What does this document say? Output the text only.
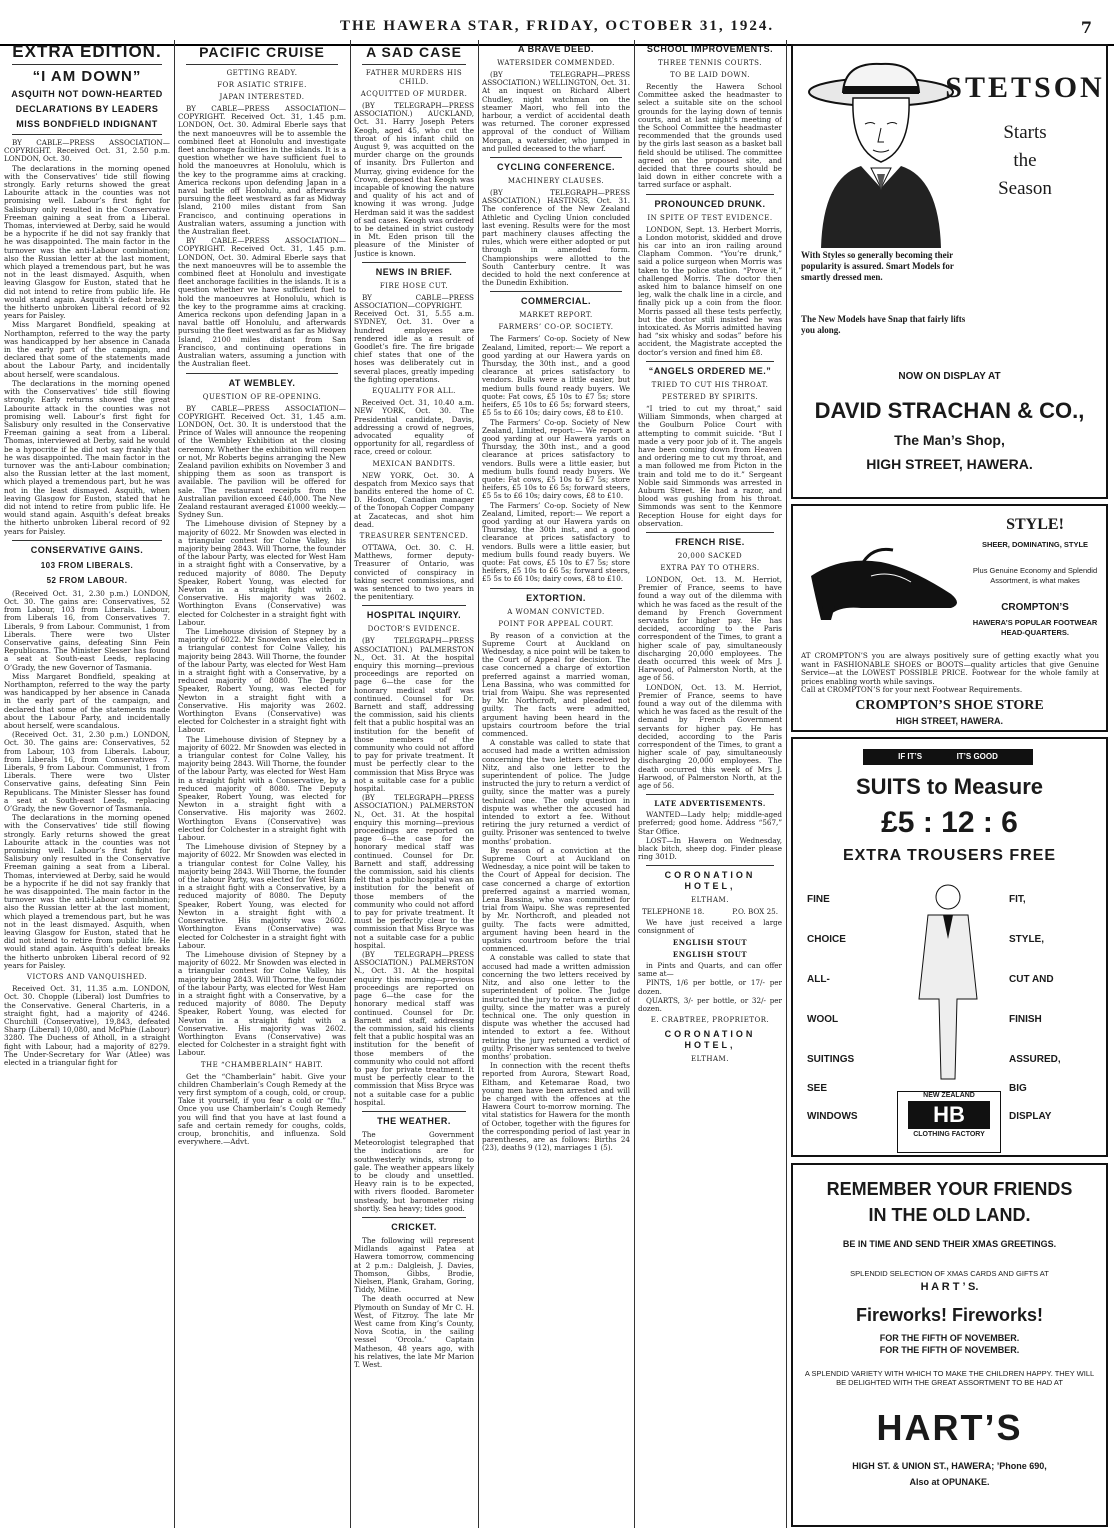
THE HAWERA STAR, FRIDAY, OCTOBER 31, 1924.	7
EXTRA EDITION.
“I AM DOWN”
ASQUITH NOT DOWN-HEARTED
DECLARATIONS BY LEADERS
MISS BONDFIELD INDIGNANT

BY CABLE—PRESS ASSOCIATION—COPYRIGHT. Received Oct. 31, 2.50 p.m. LONDON, Oct. 30.

The declarations in the morning opened with the Conservatives’ tide still flowing strongly. Early returns showed the great Labourite attack in the counties was not promising well. Labour’s first fight for Salisbury only resulted in the Conservative Freeman gaining a seat from a Liberal. Thomas, interviewed at Derby, said he would be a hypocrite if he did not say frankly that he was disappointed. The main factor in the turnover was the anti-Labour combination; also the Russian letter at the last moment, which played a tremendous part, but he was not in the least dismayed. Asquith, when leaving Glasgow for Euston, stated that he did not intend to retire from public life. He would stand again. Asquith’s defeat breaks the hitherto unbroken Liberal record of 92 years for Paisley.

Miss Margaret Bondfield, speaking at Northampton, referred to the way the party was handicapped by her absence in Canada in the early part of the campaign, and declared that some of the statements made about the Labour Party, and incidentally about herself, were scandalous.

The declarations in the morning opened with the Conservatives’ tide still flowing strongly. Early returns showed the great Labourite attack in the counties was not promising well. Labour’s first fight for Salisbury only resulted in the Conservative Freeman gaining a seat from a Liberal. Thomas, interviewed at Derby, said he would be a hypocrite if he did not say frankly that he was disappointed. The main factor in the turnover was the anti-Labour combination; also the Russian letter at the last moment, which played a tremendous part, but he was not in the least dismayed. Asquith, when leaving Glasgow for Euston, stated that he did not intend to retire from public life. He would stand again. Asquith’s defeat breaks the hitherto unbroken Liberal record of 92 years for Paisley.

CONSERVATIVE GAINS.
103 FROM LIBERALS.
52 FROM LABOUR.

(Received Oct. 31, 2.30 p.m.) LONDON, Oct. 30. The gains are: Conservatives, 52 from Labour, 103 from Liberals. Labour, from Liberals 16, from Conservatives 7. Liberals, 9 from Labour. Communist, 1 from Liberals. There were two Ulster Conservative gains, defeating Sinn Fein Republicans. The Minister Slesser has found a seat at South-east Leeds, replacing O’Grady, the new Governor of Tasmania.

Miss Margaret Bondfield, speaking at Northampton, referred to the way the party was handicapped by her absence in Canada in the early part of the campaign, and declared that some of the statements made about the Labour Party, and incidentally about herself, were scandalous.

(Received Oct. 31, 2.30 p.m.) LONDON, Oct. 30. The gains are: Conservatives, 52 from Labour, 103 from Liberals. Labour, from Liberals 16, from Conservatives 7. Liberals, 9 from Labour. Communist, 1 from Liberals. There were two Ulster Conservative gains, defeating Sinn Fein Republicans. The Minister Slesser has found a seat at South-east Leeds, replacing O’Grady, the new Governor of Tasmania.

The declarations in the morning opened with the Conservatives’ tide still flowing strongly. Early returns showed the great Labourite attack in the counties was not promising well. Labour’s first fight for Salisbury only resulted in the Conservative Freeman gaining a seat from a Liberal. Thomas, interviewed at Derby, said he would be a hypocrite if he did not say frankly that he was disappointed. The main factor in the turnover was the anti-Labour combination; also the Russian letter at the last moment, which played a tremendous part, but he was not in the least dismayed. Asquith, when leaving Glasgow for Euston, stated that he did not intend to retire from public life. He would stand again. Asquith’s defeat breaks the hitherto unbroken Liberal record of 92 years for Paisley.

VICTORS AND VANQUISHED.

Received Oct. 31, 11.35 a.m. LONDON, Oct. 30. Chopple (Liberal) lost Dumfries to the Conservative. General Charteris, in a straight fight, had a majority of 4246. Churchill (Conservative), 19,843, defeated Sharp (Liberal) 10,080, and McPhie (Labour) 3280. The Duchess of Atholl, in a straight fight with Labour, had a majority of 8279. The Under-Secretary for War (Atlee) was elected in a triangular fight for

PACIFIC CRUISE
GETTING READY.
FOR ASIATIC STRIFE.
JAPAN INTERESTED.

BY CABLE—PRESS ASSOCIATION—COPYRIGHT. Received Oct. 31, 1.45 p.m. LONDON, Oct. 30. Admiral Eberle says that the next manoeuvres will be to assemble the combined fleet at Honolulu and investigate fleet anchorage facilities in the islands. It is a question whether we have sufficient fuel to hold the manoeuvres at Honolulu, which is the key to the programme aims at cracking. America reckons upon defending Japan in a naval battle off Honolulu, and afterwards pursuing the fleet westward as far as Midway Island, 2100 miles distant from San Francisco, and continuing operations in Australian waters, assuming a junction with the Australian fleet.

BY CABLE—PRESS ASSOCIATION—COPYRIGHT. Received Oct. 31, 1.45 p.m. LONDON, Oct. 30. Admiral Eberle says that the next manoeuvres will be to assemble the combined fleet at Honolulu and investigate fleet anchorage facilities in the islands. It is a question whether we have sufficient fuel to hold the manoeuvres at Honolulu, which is the key to the programme aims at cracking. America reckons upon defending Japan in a naval battle off Honolulu, and afterwards pursuing the fleet westward as far as Midway Island, 2100 miles distant from San Francisco, and continuing operations in Australian waters, assuming a junction with the Australian fleet.

AT WEMBLEY.
QUESTION OF RE-OPENING.

BY CABLE—PRESS ASSOCIATION—COPYRIGHT. Received Oct. 31, 1.45 a.m. LONDON, Oct. 30. It is understood that the Prince of Wales will announce the reopening of the Wembley Exhibition at the closing ceremony. Whether the exhibition will reopen or not, Mr Roberts begins arranging the New Zealand pavilion exhibits on November 3 and shipping them as soon as transport is available. The pavilion will be offered for sale. The restaurant receipts from the Australian pavilion exceed £40,000. The New Zealand restaurant averaged £1000 weekly.—Sydney Sun.

The Limehouse division of Stepney by a majority of 6022. Mr Snowden was elected in a triangular contest for Colne Valley, his majority being 2843. Will Thorne, the founder of the labour Party, was elected for West Ham in a straight fight with a Conservative, by a reduced majority of 8080. The Deputy Speaker, Robert Young, was elected for Newton in a straight fight with a Conservative. His majority was 2602. Worthington Evans (Conservative) was elected for Colchester in a straight fight with Labour.

The Limehouse division of Stepney by a majority of 6022. Mr Snowden was elected in a triangular contest for Colne Valley, his majority being 2843. Will Thorne, the founder of the labour Party, was elected for West Ham in a straight fight with a Conservative, by a reduced majority of 8080. The Deputy Speaker, Robert Young, was elected for Newton in a straight fight with a Conservative. His majority was 2602. Worthington Evans (Conservative) was elected for Colchester in a straight fight with Labour.

The Limehouse division of Stepney by a majority of 6022. Mr Snowden was elected in a triangular contest for Colne Valley, his majority being 2843. Will Thorne, the founder of the labour Party, was elected for West Ham in a straight fight with a Conservative, by a reduced majority of 8080. The Deputy Speaker, Robert Young, was elected for Newton in a straight fight with a Conservative. His majority was 2602. Worthington Evans (Conservative) was elected for Colchester in a straight fight with Labour.

The Limehouse division of Stepney by a majority of 6022. Mr Snowden was elected in a triangular contest for Colne Valley, his majority being 2843. Will Thorne, the founder of the labour Party, was elected for West Ham in a straight fight with a Conservative, by a reduced majority of 8080. The Deputy Speaker, Robert Young, was elected for Newton in a straight fight with a Conservative. His majority was 2602. Worthington Evans (Conservative) was elected for Colchester in a straight fight with Labour.

The Limehouse division of Stepney by a majority of 6022. Mr Snowden was elected in a triangular contest for Colne Valley, his majority being 2843. Will Thorne, the founder of the labour Party, was elected for West Ham in a straight fight with a Conservative, by a reduced majority of 8080. The Deputy Speaker, Robert Young, was elected for Newton in a straight fight with a Conservative. His majority was 2602. Worthington Evans (Conservative) was elected for Colchester in a straight fight with Labour.

THE “CHAMBERLAIN” HABIT.

Get the “Chamberlain” habit. Give your children Chamberlain’s Cough Remedy at the very first symptom of a cough, cold, or croup. Take it yourself, if you fear a cold or “flu.” Once you use Chamberlain’s Cough Remedy you will find that you have at last found a safe and certain remedy for coughs, colds, croup, bronchitis, and influenza. Sold everywhere.—Advt.

A SAD CASE
FATHER MURDERS HIS CHILD.
ACQUITTED OF MURDER.

(BY TELEGRAPH—PRESS ASSOCIATION.) AUCKLAND, Oct. 31. Harry Joseph Peters Keogh, aged 45, who cut the throat of his infant child on August 9, was acquitted on the murder charge on the grounds of insanity. Drs Fullerton and Murray, giving evidence for the Crown, deposed that Keogh was incapable of knowing the nature and quality of his act and of knowing it was wrong. Judge Herdman said it was the saddest of sad cases. Keogh was ordered to be detained in strict custody in Mt. Eden prison till the pleasure of the Minister of Justice is known.

NEWS IN BRIEF.
FIRE HOSE CUT.

BY CABLE—PRESS ASSOCIATION—COPYRIGHT. Received Oct. 31, 5.55 a.m. SYDNEY, Oct. 31. Over a hundred employees are rendered idle as a result of Goodlet’s fire. The fire brigade chief states that one of the hoses was deliberately cut in several places, greatly impeding the fighting operations.

EQUALITY FOR ALL.

Received Oct. 31, 10.40 a.m. NEW YORK, Oct. 30. The Presidential candidate, Davis, addressing a crowd of negroes, advocated equality of opportunity for all, regardless of race, creed or colour.

MEXICAN BANDITS.

NEW YORK, Oct. 30. A despatch from Mexico says that bandits entered the home of C. D. Hodson, Canadian manager of the Tonopah Copper Company at Zacatecas, and shot him dead.

TREASURER SENTENCED.

OTTAWA, Oct. 30. C. H. Matthews, former deputy-Treasurer of Ontario, was convicted of conspiracy in taking secret commissions, and was sentenced to two years in the penitentiary.

HOSPITAL INQUIRY.
DOCTOR’S EVIDENCE.

(BY TELEGRAPH—PRESS ASSOCIATION.) PALMERSTON N., Oct. 31. At the hospital enquiry this morning—previous proceedings are reported on page 6—the case for the honorary medical staff was continued. Counsel for Dr. Barnett and staff, addressing the commission, said his clients felt that a public hospital was an institution for the benefit of those members of the community who could not afford to pay for private treatment. It must be perfectly clear to the commission that Miss Bryce was not a suitable case for a public hospital.

(BY TELEGRAPH—PRESS ASSOCIATION.) PALMERSTON N., Oct. 31. At the hospital enquiry this morning—previous proceedings are reported on page 6—the case for the honorary medical staff was continued. Counsel for Dr. Barnett and staff, addressing the commission, said his clients felt that a public hospital was an institution for the benefit of those members of the community who could not afford to pay for private treatment. It must be perfectly clear to the commission that Miss Bryce was not a suitable case for a public hospital.

(BY TELEGRAPH—PRESS ASSOCIATION.) PALMERSTON N., Oct. 31. At the hospital enquiry this morning—previous proceedings are reported on page 6—the case for the honorary medical staff was continued. Counsel for Dr. Barnett and staff, addressing the commission, said his clients felt that a public hospital was an institution for the benefit of those members of the community who could not afford to pay for private treatment. It must be perfectly clear to the commission that Miss Bryce was not a suitable case for a public hospital.

THE WEATHER.

The Government Meteorologist telegraphed that the indications are for southwesterly winds, strong to gale. The weather appears likely to be cloudy and unsettled. Heavy rain is to be expected, with rivers flooded. Barometer unsteady, but barometer rising shortly. Sea heavy; tides good.

CRICKET.

The following will represent Midlands against Patea at Hawera tomorrow, commencing at 2 p.m.: Dalgleish, J. Davies, Thomson, Gibbs, Brodie, Nielsen, Plank, Graham, Goring, Tiddy, Milne.

The death occurred at New Plymouth on Sunday of Mr C. H. West, of Fitzroy. The late Mr West came from King’s County, Nova Scotia, in the sailing vessel ‘Orcola.’ Captain Matheson, 48 years ago, with his relatives, the late Mr Marion T. West.

A BRAVE DEED.
WATERSIDER COMMENDED.

(BY TELEGRAPH—PRESS ASSOCIATION.) WELLINGTON, Oct. 31. At an inquest on Richard Albert Chudley, night watchman on the steamer Maori, who fell into the harbour, a verdict of accidental death was returned. The coroner expressed approval of the conduct of William Morgan, a watersider, who jumped in and pulled deceased to the wharf.

CYCLING CONFERENCE.
MACHINERY CLAUSES.

(BY TELEGRAPH—PRESS ASSOCIATION.) HASTINGS, Oct. 31. The conference of the New Zealand Athletic and Cycling Union concluded last evening. Results were for the most part machinery clauses affecting the rules, which were either adopted or put through in amended form. Championships were allotted to the South Canterbury centre. It was decided to hold the next conference at the Dunedin Exhibition.

COMMERCIAL.
MARKET REPORT.
FARMERS’ CO-OP. SOCIETY.

The Farmers’ Co-op. Society of New Zealand, Limited, report:— We report a good yarding at our Hawera yards on Thursday, the 30th inst., and a good clearance at prices satisfactory to vendors. Bulls were a little easier, but medium bulls found ready buyers. We quote: Fat cows, £5 10s to £7 5s; store heifers, £5 10s to £6 5s; forward steers, £5 5s to £6 10s; dairy cows, £8 to £10.

The Farmers’ Co-op. Society of New Zealand, Limited, report:— We report a good yarding at our Hawera yards on Thursday, the 30th inst., and a good clearance at prices satisfactory to vendors. Bulls were a little easier, but medium bulls found ready buyers. We quote: Fat cows, £5 10s to £7 5s; store heifers, £5 10s to £6 5s; forward steers, £5 5s to £6 10s; dairy cows, £8 to £10.

The Farmers’ Co-op. Society of New Zealand, Limited, report:— We report a good yarding at our Hawera yards on Thursday, the 30th inst., and a good clearance at prices satisfactory to vendors. Bulls were a little easier, but medium bulls found ready buyers. We quote: Fat cows, £5 10s to £7 5s; store heifers, £5 10s to £6 5s; forward steers, £5 5s to £6 10s; dairy cows, £8 to £10.

EXTORTION.
A WOMAN CONVICTED.
POINT FOR APPEAL COURT.

By reason of a conviction at the Supreme Court at Auckland on Wednesday, a nice point will be taken to the Court of Appeal for decision. The case concerned a charge of extortion preferred against a married woman, Lena Bassina, who was committed for trial from Waipu. She was represented by Mr. Northcroft, and pleaded not guilty. The facts were admitted, argument having been heard in the upstairs courtroom before the trial commenced.

A constable was called to state that accused had made a written admission concerning the two letters received by Nitz, and also one letter to the superintendent of police. The Judge instructed the jury to return a verdict of guilty, since the matter was a purely technical one. The only question in dispute was whether the accused had intended to extort a fee. Without retiring the jury returned a verdict of guilty. Prisoner was sentenced to twelve months’ probation.

By reason of a conviction at the Supreme Court at Auckland on Wednesday, a nice point will be taken to the Court of Appeal for decision. The case concerned a charge of extortion preferred against a married woman, Lena Bassina, who was committed for trial from Waipu. She was represented by Mr. Northcroft, and pleaded not guilty. The facts were admitted, argument having been heard in the upstairs courtroom before the trial commenced.

A constable was called to state that accused had made a written admission concerning the two letters received by Nitz, and also one letter to the superintendent of police. The Judge instructed the jury to return a verdict of guilty, since the matter was a purely technical one. The only question in dispute was whether the accused had intended to extort a fee. Without retiring the jury returned a verdict of guilty. Prisoner was sentenced to twelve months’ probation.

In connection with the recent thefts reported from Aurora, Stewart Road, Eltham, and Ketemarae Road, two young men have been arrested and will be charged with the offences at the Hawera Court to-morrow morning. The vital statistics for Hawera for the month of October, together with the figures for the corresponding period of last year in parentheses, are as follows: Births 24 (23), deaths 9 (12), marriages 1 (5).

SCHOOL IMPROVEMENTS.
THREE TENNIS COURTS.
TO BE LAID DOWN.

Recently the Hawera School Committee asked the headmaster to select a suitable site on the school grounds for the laying down of tennis courts, and at last night’s meeting of the School Committee the headmaster recommended that the grounds used by the girls last season as a basket ball field should be utilised. The committee agreed on the proposed site, and decided that three courts should be laid down in either concrete with a tarred surface or asphalt.

PRONOUNCED DRUNK.
IN SPITE OF TEST EVIDENCE.

LONDON, Sept. 13. Herbert Morris, a London motorist, skidded and drove his car into an iron railing around Clapham Common. “You’re drunk,” said a police surgeon when Morris was taken to the police station. “Prove it,” challenged Morris. The doctor then asked him to balance himself on one leg, walk the chalk line in a circle, and finally pick up a coin from the floor. Morris passed all these tests perfectly, but the doctor still insisted he was intoxicated. As Morris admitted having had “six whisky and sodas” before his accident, the Magistrate accepted the doctor’s version and fined him £8.

“ANGELS ORDERED ME.”
TRIED TO CUT HIS THROAT.
PESTERED BY SPIRITS.

“I tried to cut my throat,” said William Simmonds, when charged at the Goulburn Police Court with attempting to commit suicide. “But I made a very poor job of it. The angels have been coming down from Heaven and ordering me to cut my throat, and a man followed me from Picton in the train and told me to do it.” Sergeant Noble said Simmonds was arrested in Auburn Street. He had a razor, and blood was gushing from his throat. Simmonds was sent to the Kenmore Reception House for eight days for observation.

FRENCH RISE.
20,000 SACKED
EXTRA PAY TO OTHERS.

LONDON, Oct. 13. M. Herriot, Premier of France, seems to have found a way out of the dilemma with which he was faced as the result of the demand by French Government servants for higher pay. He has decided, according to the Paris correspondent of the Times, to grant a higher scale of pay, simultaneously discharging 20,000 employees. The death occurred this week of Mrs J. Harwood, of Palmerston North, at the age of 56.

LONDON, Oct. 13. M. Herriot, Premier of France, seems to have found a way out of the dilemma with which he was faced as the result of the demand by French Government servants for higher pay. He has decided, according to the Paris correspondent of the Times, to grant a higher scale of pay, simultaneously discharging 20,000 employees. The death occurred this week of Mrs J. Harwood, of Palmerston North, at the age of 56.

LATE ADVERTISEMENTS.

WANTED—Lady help; middle-aged preferred; good home. Address “567,” Star Office.

LOST—In Hawera on Wednesday, black bitch, sheep dog. Finder please ring 301D.

CORONATION HOTEL,
ELTHAM.
TELEPHONE 18.	P.O. BOX 25.

We have just received a large consignment of

ENGLISH STOUT
ENGLISH STOUT

in Pints and Quarts, and can offer same at—

PINTS, 1/6 per bottle, or 17/- per dozen.

QUARTS, 3/- per bottle, or 32/- per dozen.

E. CRABTREE, PROPRIETOR.
CORONATION HOTEL,
ELTHAM.
STETSON
Starts
the
Season
With Styles so generally becoming their popularity is assured. Smart Models for smartly dressed men.
The New Models have Snap that fairly lifts you along.
NOW ON DISPLAY AT
DAVID STRACHAN & CO.,
The Man’s Shop,
HIGH STREET, HAWERA.
STYLE!
SHEER, DOMINATING, STYLE
Plus Genuine Economy and Splendid Assortment, is what makes
CROMPTON’S
HAWERA’S POPULAR FOOTWEAR HEAD-QUARTERS.
AT CROMPTON’S you are always positively sure of getting exactly what you want in FASHIONABLE SHOES or BOOTS—quality articles that give Genuine Service—at the LOWEST POSSIBLE PRICE. Footwear for the whole family at prices enabling worth while savings.
Call at CROMPTON’S for your next Footwear Requirements.
CROMPTON’S SHOE STORE
HIGH STREET, HAWERA.
IF IT’S	IT’S GOOD
SUITS to Measure
£5 : 12 : 6
EXTRA TROUSERS FREE
FINE
CHOICE
ALL-
WOOL
SUITINGS
FIT,
STYLE,
CUT AND
FINISH
ASSURED,
SEE
WINDOWS
BIG
DISPLAY
NEW ZEALAND
HB
CLOTHING FACTORY
REMEMBER YOUR FRIENDS
IN THE OLD LAND.
BE IN TIME AND SEND THEIR XMAS GREETINGS.
SPLENDID SELECTION OF XMAS CARDS AND GIFTS AT
H A R T ’ S.
Fireworks! Fireworks!
FOR THE FIFTH OF NOVEMBER.
FOR THE FIFTH OF NOVEMBER.
A SPLENDID VARIETY WITH WHICH TO MAKE THE CHILDREN HAPPY. THEY WILL BE DELIGHTED WITH THE GREAT ASSORTMENT TO BE HAD AT
HART’S
HIGH ST. & UNION ST., HAWERA; ’Phone 690,
Also at OPUNAKE.
